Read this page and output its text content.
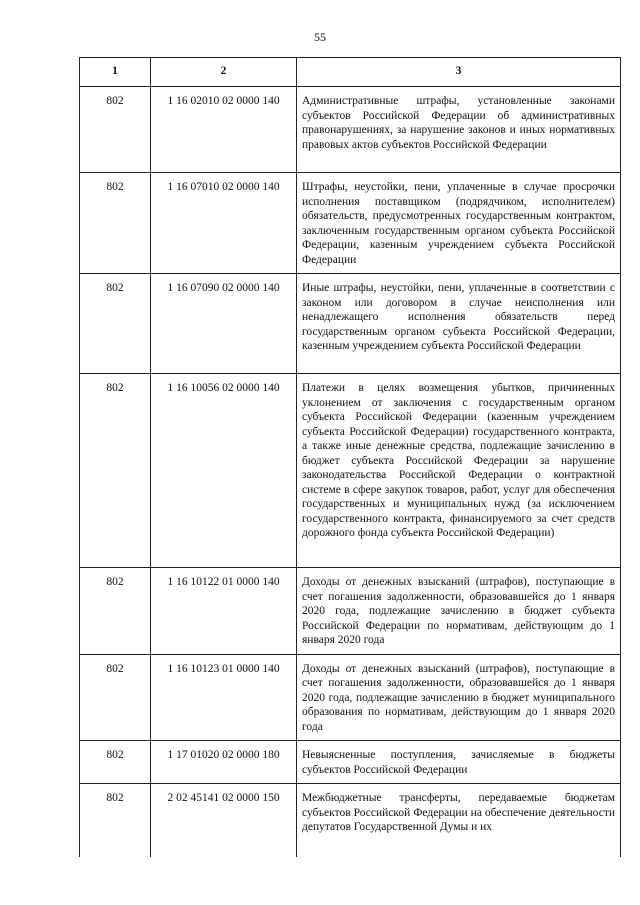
55
1	2	3
802	1 16 02010 02 0000 140	Административные штрафы, установленные законами субъектов Российской Федерации об административных правонарушениях, за нарушение законов и иных нормативных правовых актов субъектов Российской Федерации
802	1 16 07010 02 0000 140	Штрафы, неустойки, пени, уплаченные в случае просрочки исполнения поставщиком (подрядчиком, исполнителем) обязательств, предусмотренных государственным контрактом, заключенным государственным органом субъекта Российской Федерации, казенным учреждением субъекта Российской Федерации
802	1 16 07090 02 0000 140	Иные штрафы, неустойки, пени, уплаченные в соответствии с законом или договором в случае неисполнения или ненадлежащего исполнения обязательств перед государственным органом субъекта Российской Федерации, казенным учреждением субъекта Российской Федерации
802	1 16 10056 02 0000 140	Платежи в целях возмещения убытков, причиненных уклонением от заключения с государственным органом субъекта Российской Федерации (казенным учреждением субъекта Российской Федерации) государственного контракта, а также иные денежные средства, подлежащие зачислению в бюджет субъекта Российской Федерации за нарушение законодательства Российской Федерации о контрактной системе в сфере закупок товаров, работ, услуг для обеспечения государственных и муниципальных нужд (за исключением государственного контракта, финансируемого за счет средств дорожного фонда субъекта Российской Федерации)
802	1 16 10122 01 0000 140	Доходы от денежных взысканий (штрафов), поступающие в счет погашения задолженности, образовавшейся до 1 января 2020 года, подлежащие зачислению в бюджет субъекта Российской Федерации по нормативам, действующим до 1 января 2020 года
802	1 16 10123 01 0000 140	Доходы от денежных взысканий (штрафов), поступающие в счет погашения задолженности, образовавшейся до 1 января 2020 года, подлежащие зачислению в бюджет муниципального образования по нормативам, действующим до 1 января 2020 года
802	1 17 01020 02 0000 180	Невыясненные поступления, зачисляемые в бюджеты субъектов Российской Федерации
802	2 02 45141 02 0000 150	Межбюджетные трансферты, передаваемые бюджетам субъектов Российской Федерации на обеспечение деятельности депутатов Государственной Думы и их
